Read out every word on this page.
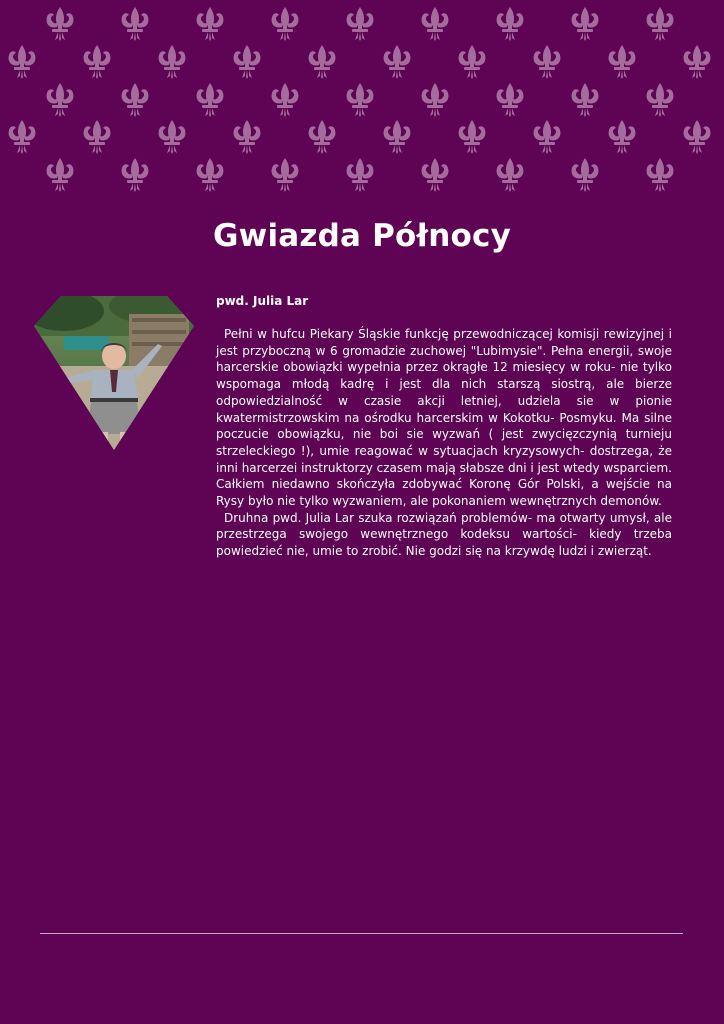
Gwiazda Północy
pwd. Julia Lar

Pełni w hufcu Piekary Śląskie funkcję przewodniczącej komisji rewizyjnej i jest przyboczną w 6 gromadzie zuchowej "Lubimysie". Pełna energii, swoje harcerskie obowiązki wypełnia przez okrągłe 12 miesięcy w roku- nie tylko wspomaga młodą kadrę i jest dla nich starszą siostrą, ale bierze odpowiedzialność w czasie akcji letniej, udziela sie w pionie kwatermistrzowskim na ośrodku harcerskim w Kokotku- Posmyku. Ma silne poczucie obowiązku, nie boi sie wyzwań ( jest zwycięzczynią turnieju strzeleckiego !), umie reagować w sytuacjach kryzysowych- dostrzega, że inni harcerzei instruktorzy czasem mają słabsze dni i jest wtedy wsparciem. Całkiem niedawno skończyła zdobywać Koronę Gór Polski, a wejście na Rysy było nie tylko wyzwaniem, ale pokonaniem wewnętrznych demonów.

Druhna pwd. Julia Lar szuka rozwiązań problemów- ma otwarty umysł, ale przestrzega swojego wewnętrznego kodeksu wartości- kiedy trzeba powiedzieć nie, umie to zrobić. Nie godzi się na krzywdę ludzi i zwierząt.
